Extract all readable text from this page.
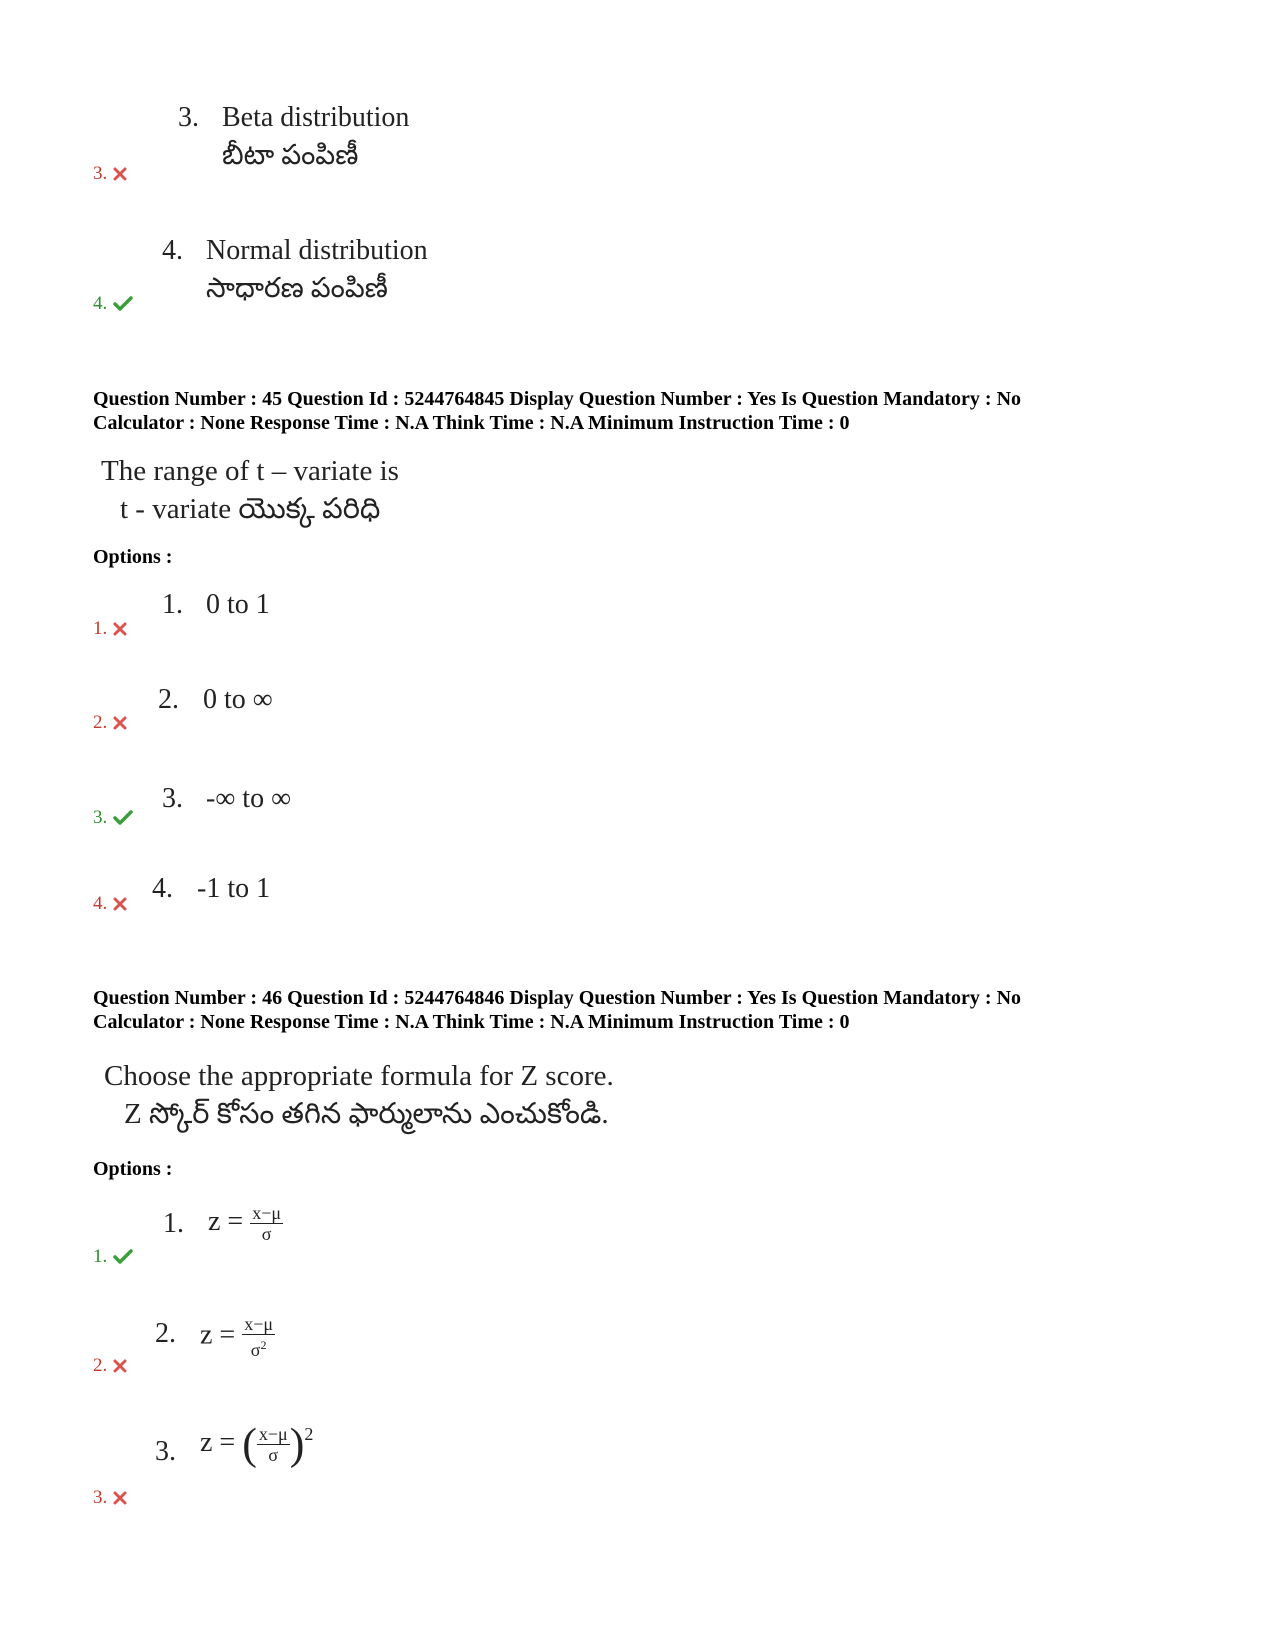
3.
3. Beta distribution
బీటా పంపిణీ
4.
4. Normal distribution
సాధారణ పంపిణీ
Question Number : 45 Question Id : 5244764845 Display Question Number : Yes Is Question Mandatory : No
Calculator : None Response Time : N.A Think Time : N.A Minimum Instruction Time : 0
The range of t – variate is
t - variate యొక్క పరిధి
Options :
1.
1. 0 to 1
2.
2. 0 to ∞
3.
3. -∞ to ∞
4. 4. -1 to 1
Question Number : 46 Question Id : 5244764846 Display Question Number : Yes Is Question Mandatory : No
Calculator : None Response Time : N.A Think Time : N.A Minimum Instruction Time : 0
Choose the appropriate formula for Z score.
Z స్కోర్ కోసం తగిన ఫార్ములాను ఎంచుకోండి.
Options :
1.
1. $z = \frac{x-\mu}{\sigma}$
2.
2. $z = \frac{x-\mu}{\sigma^2}$
3.
3. z = ( $\frac{x-\mu}{\sigma} )^2$
